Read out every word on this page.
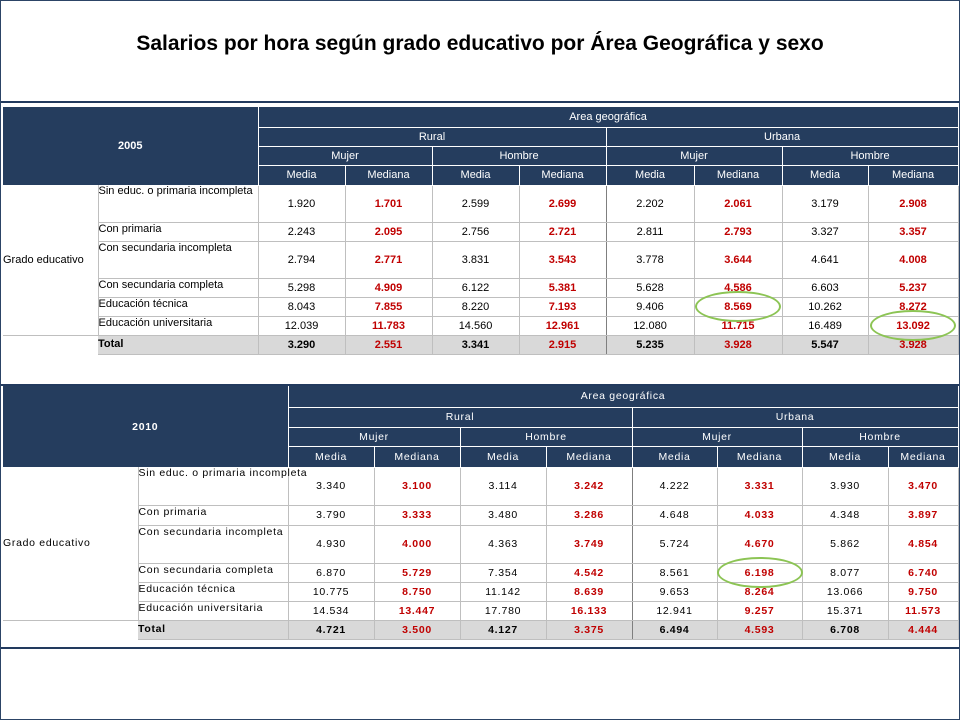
Salarios por hora según grado educativo por Área Geográfica y sexo
2005		Area geográfica							
		Rural				Urbana			
		Mujer		Hombre		Mujer		Hombre	
		Media	Mediana	Media	Mediana	Media	Mediana	Media	Mediana
Grado educativo	Sin educ. o primaria incompleta	1.920	1.701	2.599	2.699	2.202	2.061	3.179	2.908
	Con primaria	2.243	2.095	2.756	2.721	2.811	2.793	3.327	3.357
	Con secundaria incompleta	2.794	2.771	3.831	3.543	3.778	3.644	4.641	4.008
	Con secundaria completa	5.298	4.909	6.122	5.381	5.628	4.586	6.603	5.237
	Educación técnica	8.043	7.855	8.220	7.193	9.406	8.569	10.262	8.272
	Educación universitaria	12.039	11.783	14.560	12.961	12.080	11.715	16.489	13.092
	Total	3.290	2.551	3.341	2.915	5.235	3.928	5.547	3.928
2010		Area geográfica							
		Rural				Urbana			
		Mujer		Hombre		Mujer		Hombre	
		Media	Mediana	Media	Mediana	Media	Mediana	Media	Mediana
Grado educativo	Sin educ. o primaria incompleta	3.340	3.100	3.114	3.242	4.222	3.331	3.930	3.470
	Con primaria	3.790	3.333	3.480	3.286	4.648	4.033	4.348	3.897
	Con secundaria incompleta	4.930	4.000	4.363	3.749	5.724	4.670	5.862	4.854
	Con secundaria completa	6.870	5.729	7.354	4.542	8.561	6.198	8.077	6.740
	Educación técnica	10.775	8.750	11.142	8.639	9.653	8.264	13.066	9.750
	Educación universitaria	14.534	13.447	17.780	16.133	12.941	9.257	15.371	11.573
	Total	4.721	3.500	4.127	3.375	6.494	4.593	6.708	4.444
